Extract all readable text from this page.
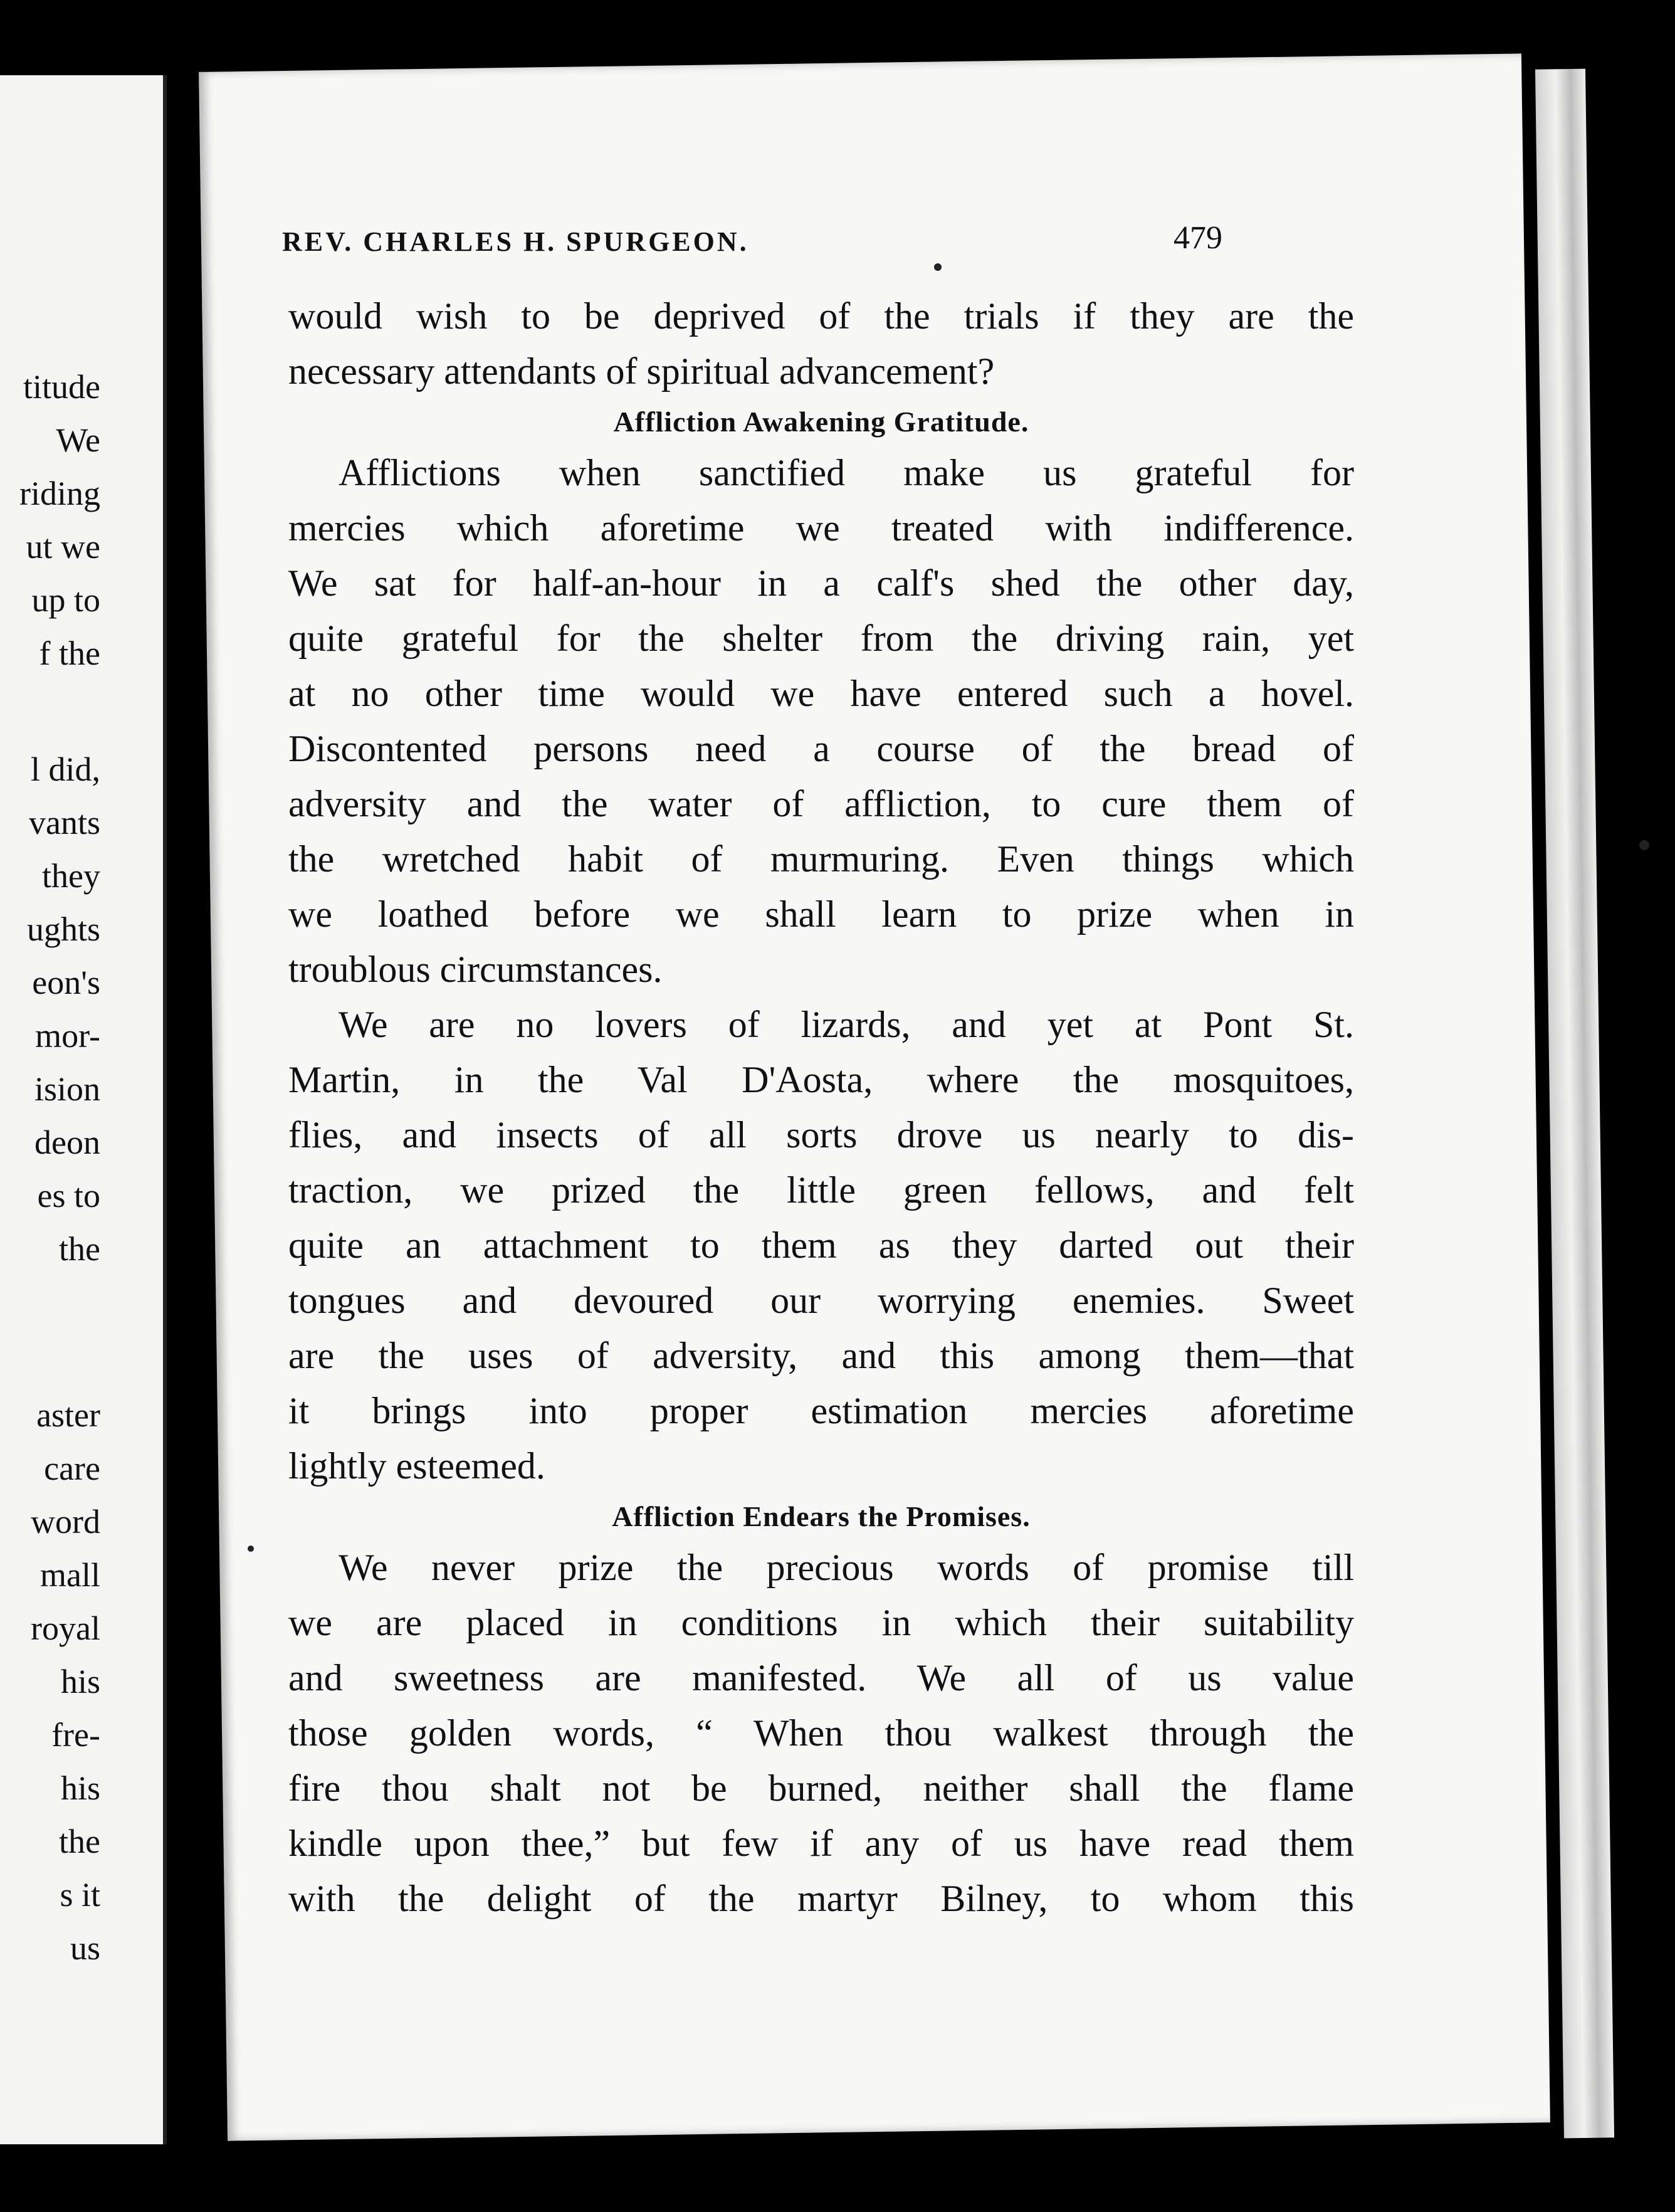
titude
We
riding
ut we
up to
f the
l did,
vants
they
ughts
eon's
mor-
ision
deon
es to
the
aster
care
word
mall
royal
his
fre-
his
the
s it
us
REV. CHARLES H. SPURGEON.	479
would wish to be deprived of the trials if they are the
necessary attendants of spiritual advancement?
Affliction Awakening Gratitude.
Afflictions when sanctified make us grateful for
mercies which aforetime we treated with indifference.
We sat for half-an-hour in a calf's shed the other day,
quite grateful for the shelter from the driving rain, yet
at no other time would we have entered such a hovel.
Discontented persons need a course of the bread of
adversity and the water of affliction, to cure them of
the wretched habit of murmuring. Even things which
we loathed before we shall learn to prize when in
troublous circumstances.
We are no lovers of lizards, and yet at Pont St.
Martin, in the Val D'Aosta, where the mosquitoes,
flies, and insects of all sorts drove us nearly to dis-
traction, we prized the little green fellows, and felt
quite an attachment to them as they darted out their
tongues and devoured our worrying enemies. Sweet
are the uses of adversity, and this among them—that
it brings into proper estimation mercies aforetime
lightly esteemed.
Affliction Endears the Promises.
We never prize the precious words of promise till
we are placed in conditions in which their suitability
and sweetness are manifested. We all of us value
those golden words, “ When thou walkest through the
fire thou shalt not be burned, neither shall the flame
kindle upon thee,” but few if any of us have read them
with the delight of the martyr Bilney, to whom this
